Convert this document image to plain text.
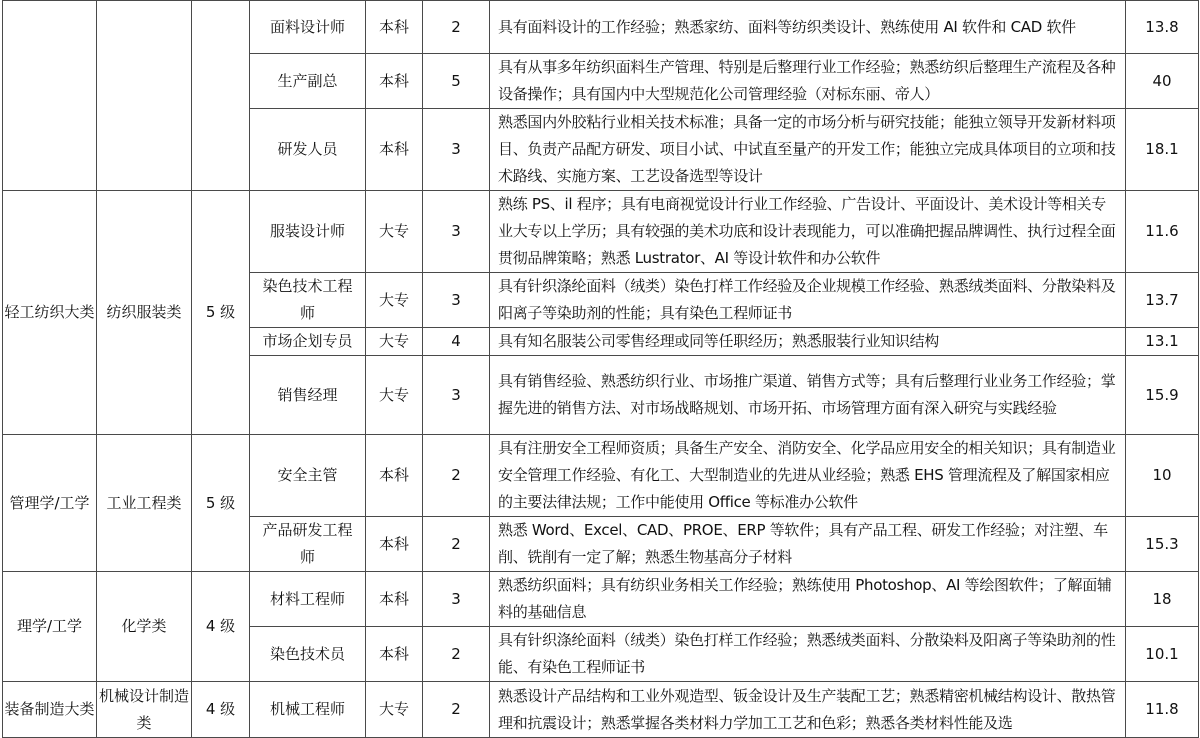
			面料设计师	本科	2	具有面料设计的工作经验；熟悉家纺、面料等纺织类设计、熟练使用 AI 软件和 CAD 软件	13.8
			生产副总	本科	5	具有从事多年纺织面料生产管理、特别是后整理行业工作经验；熟悉纺织后整理生产流程及各种设备操作；具有国内中大型规范化公司管理经验（对标东丽、帝人）	40
			研发人员	本科	3	熟悉国内外胶粘行业相关技术标准；具备一定的市场分析与研究技能；能独立领导开发新材料项目、负责产品配方研发、项目小试、中试直至量产的开发工作；能独立完成具体项目的立项和技术路线、实施方案、工艺设备选型等设计	18.1
轻工纺织大类	纺织服装类	5 级	服装设计师	大专	3	熟练 PS、il 程序；具有电商视觉设计行业工作经验、广告设计、平面设计、美术设计等相关专业大专以上学历；具有较强的美术功底和设计表现能力，可以准确把握品牌调性、执行过程全面贯彻品牌策略；熟悉 Lustrator、AI 等设计软件和办公软件	11.6
			染色技术工程师	大专	3	具有针织涤纶面料（绒类）染色打样工作经验及企业规模工作经验、熟悉绒类面料、分散染料及阳离子等染助剂的性能；具有染色工程师证书	13.7
			市场企划专员	大专	4	具有知名服装公司零售经理或同等任职经历；熟悉服装行业知识结构	13.1
			销售经理	大专	3	具有销售经验、熟悉纺织行业、市场推广渠道、销售方式等；具有后整理行业业务工作经验；掌握先进的销售方法、对市场战略规划、市场开拓、市场管理方面有深入研究与实践经验	15.9
管理学/工学	工业工程类	5 级	安全主管	本科	2	具有注册安全工程师资质；具备生产安全、消防安全、化学品应用安全的相关知识；具有制造业安全管理工作经验、有化工、大型制造业的先进从业经验；熟悉 EHS 管理流程及了解国家相应的主要法律法规；工作中能使用 Office 等标准办公软件	10
			产品研发工程师	本科	2	熟悉 Word、Excel、CAD、PROE、ERP 等软件；具有产品工程、研发工作经验；对注塑、车削、铣削有一定了解；熟悉生物基高分子材料	15.3
理学/工学	化学类	4 级	材料工程师	本科	3	熟悉纺织面料；具有纺织业务相关工作经验；熟练使用 Photoshop、AI 等绘图软件；了解面辅料的基础信息	18
			染色技术员	本科	2	具有针织涤纶面料（绒类）染色打样工作经验；熟悉绒类面料、分散染料及阳离子等染助剂的性能、有染色工程师证书	10.1
装备制造大类	机械设计制造类	4 级	机械工程师	大专	2	熟悉设计产品结构和工业外观造型、钣金设计及生产装配工艺；熟悉精密机械结构设计、散热管理和抗震设计；熟悉掌握各类材料力学加工工艺和色彩；熟悉各类材料性能及选	11.8
